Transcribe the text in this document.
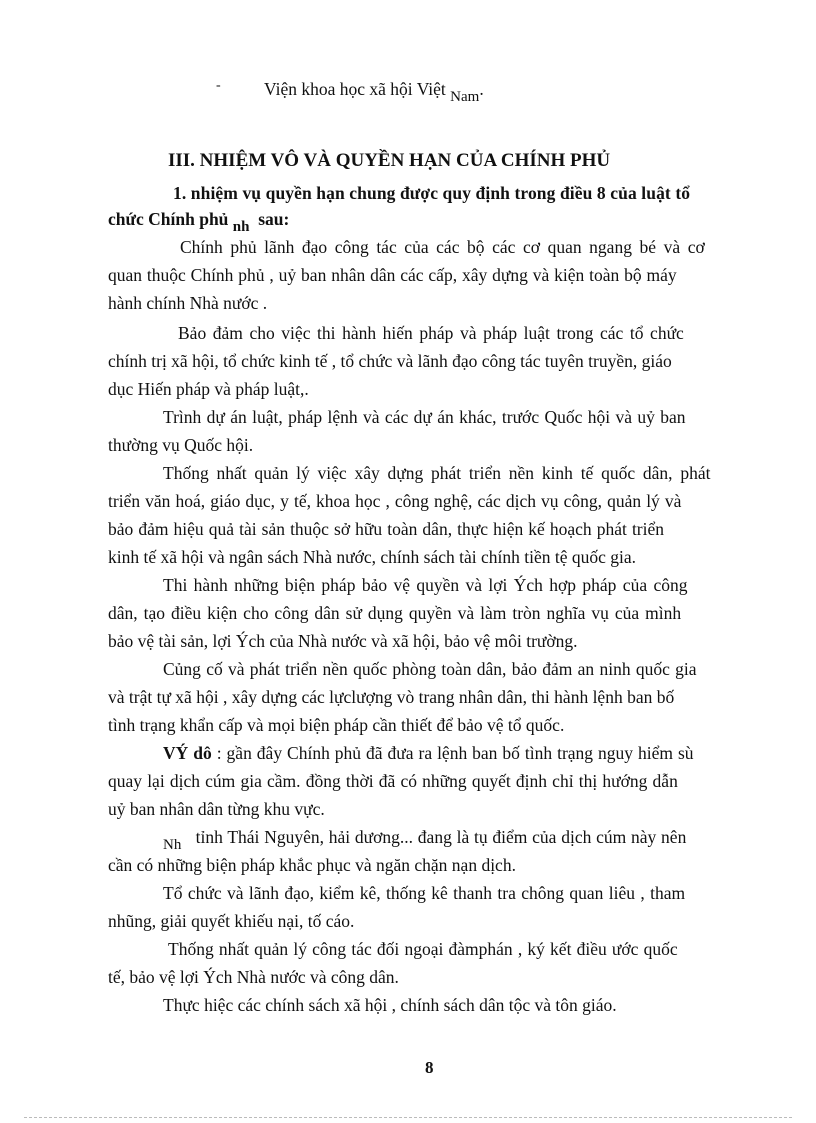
- Viện khoa học xã hội Việt Nam.
III. NHIỆM VÔ VÀ QUYỀN HẠN CỦA CHÍNH PHỦ
1. nhiệm vụ quyền hạn chung được quy định trong điều 8 của luật tổ
chức Chính phủ nh sau:
Chính phủ lãnh đạo công tác của các bộ các cơ quan ngang bé và cơ
quan thuộc Chính phủ , uỷ ban nhân dân các cấp, xây dựng và kiện toàn bộ máy
hành chính Nhà nước .
Bảo đảm cho việc thi hành hiến pháp và pháp luật trong các tổ chức
chính trị xã hội, tổ chức kinh tế , tổ chức và lãnh đạo công tác tuyên truyền, giáo
dục Hiến pháp và pháp luật,.
Trình dự án luật, pháp lệnh và các dự án khác, trước Quốc hội và uỷ ban
thường vụ Quốc hội.
Thống nhất quản lý việc xây dựng phát triển nền kinh tế quốc dân, phát
triển văn hoá, giáo dục, y tế, khoa học , công nghệ, các dịch vụ công, quản lý và
bảo đảm hiệu quả tài sản thuộc sở hữu toàn dân, thực hiện kế hoạch phát triển
kinh tế xã hội và ngân sách Nhà nước, chính sách tài chính tiền tệ quốc gia.
Thi hành những biện pháp bảo vệ quyền và lợi Ých hợp pháp của công
dân, tạo điều kiện cho công dân sử dụng quyền và làm tròn nghĩa vụ của mình
bảo vệ tài sản, lợi Ých của Nhà nước và xã hội, bảo vệ môi trường.
Củng cố và phát triển nền quốc phòng toàn dân, bảo đảm an ninh quốc gia
và trật tự xã hội , xây dựng các lựclượng vò trang nhân dân, thi hành lệnh ban bố
tình trạng khẩn cấp và mọi biện pháp cần thiết để bảo vệ tổ quốc.
VÝ dô : gần đây Chính phủ đã đưa ra lệnh ban bố tình trạng nguy hiểm sù
quay lại dịch cúm gia cầm. đồng thời đã có những quyết định chỉ thị hướng dẫn
uỷ ban nhân dân từng khu vực.
Nh tỉnh Thái Nguyên, hải dương... đang là tụ điểm của dịch cúm này nên
cần có những biện pháp khắc phục và ngăn chặn nạn dịch.
Tổ chức và lãnh đạo, kiểm kê, thống kê thanh tra chông quan liêu , tham
nhũng, giải quyết khiếu nại, tố cáo.
Thống nhất quản lý công tác đối ngoại đàmphán , ký kết điều ước quốc
tế, bảo vệ lợi Ých Nhà nước và công dân.
Thực hiệc các chính sách xã hội , chính sách dân tộc và tôn giáo.
8
